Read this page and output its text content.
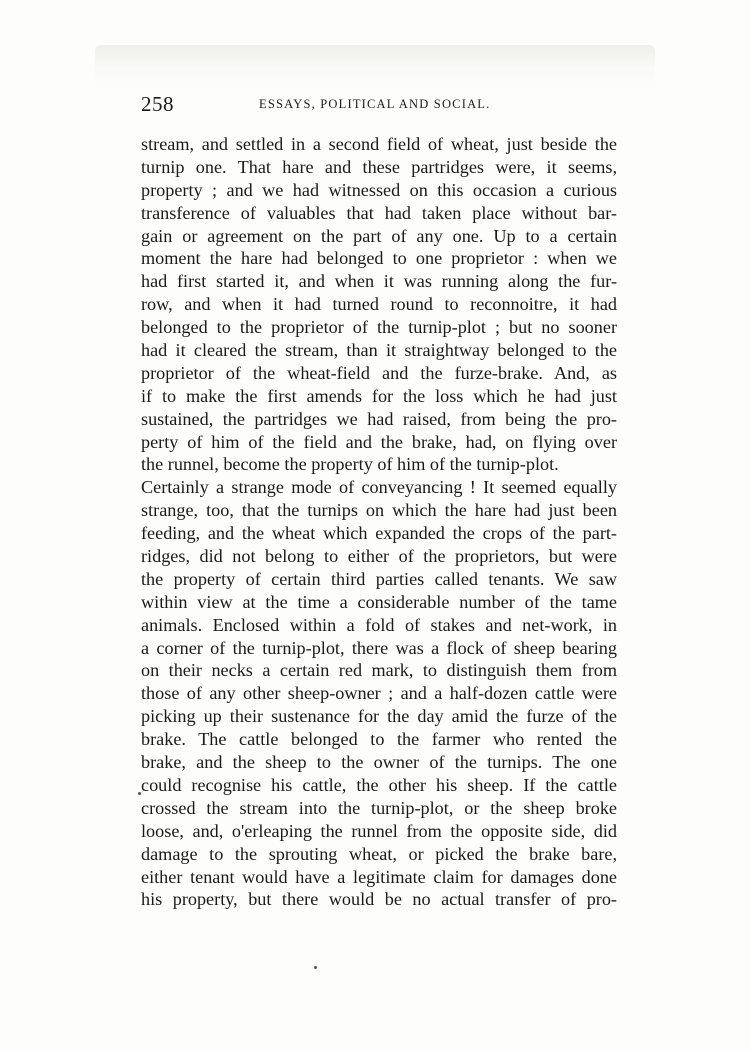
258	ESSAYS, POLITICAL AND SOCIAL.
stream, and settled in a second field of wheat, just beside the
turnip one. That hare and these partridges were, it seems,
property ; and we had witnessed on this occasion a curious
transference of valuables that had taken place without bar-
gain or agreement on the part of any one. Up to a certain
moment the hare had belonged to one proprietor : when we
had first started it, and when it was running along the fur-
row, and when it had turned round to reconnoitre, it had
belonged to the proprietor of the turnip-plot ; but no sooner
had it cleared the stream, than it straightway belonged to the
proprietor of the wheat-field and the furze-brake. And, as
if to make the first amends for the loss which he had just
sustained, the partridges we had raised, from being the pro-
perty of him of the field and the brake, had, on flying over
the runnel, become the property of him of the turnip-plot.
Certainly a strange mode of conveyancing ! It seemed equally
strange, too, that the turnips on which the hare had just been
feeding, and the wheat which expanded the crops of the part-
ridges, did not belong to either of the proprietors, but were
the property of certain third parties called tenants. We saw
within view at the time a considerable number of the tame
animals. Enclosed within a fold of stakes and net-work, in
a corner of the turnip-plot, there was a flock of sheep bearing
on their necks a certain red mark, to distinguish them from
those of any other sheep-owner ; and a half-dozen cattle were
picking up their sustenance for the day amid the furze of the
brake. The cattle belonged to the farmer who rented the
brake, and the sheep to the owner of the turnips. The one
could recognise his cattle, the other his sheep. If the cattle
crossed the stream into the turnip-plot, or the sheep broke
loose, and, o'erleaping the runnel from the opposite side, did
damage to the sprouting wheat, or picked the brake bare,
either tenant would have a legitimate claim for damages done
his property, but there would be no actual transfer of pro-
